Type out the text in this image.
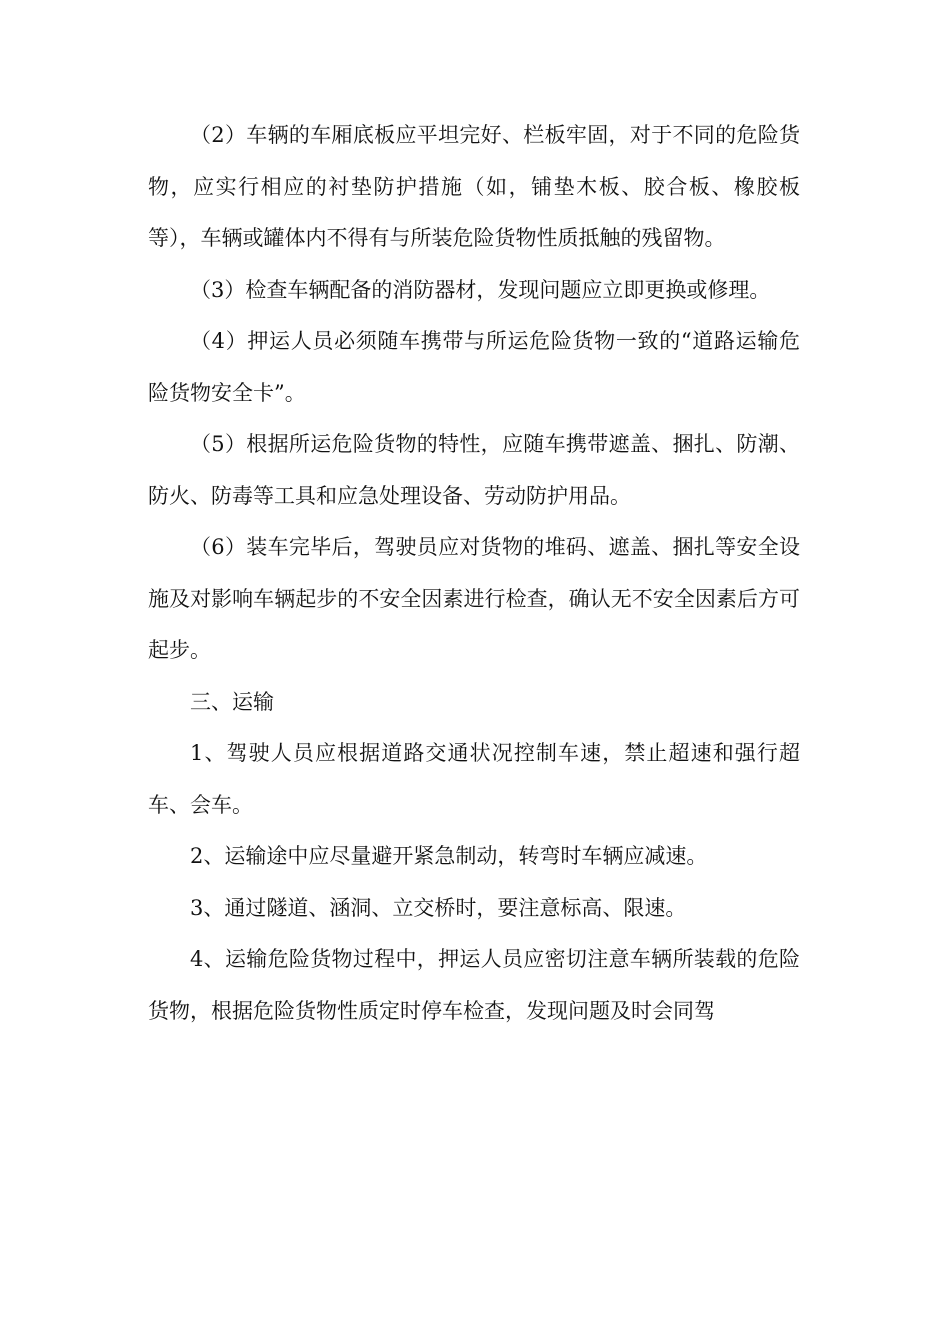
（2）车辆的车厢底板应平坦完好、栏板牢固，对于不同的危险货物，应实行相应的衬垫防护措施（如，铺垫木板、胶合板、橡胶板等），车辆或罐体内不得有与所装危险货物性质抵触的残留物。

（3）检查车辆配备的消防器材，发现问题应立即更换或修理。

（4）押运人员必须随车携带与所运危险货物一致的“道路运输危险货物安全卡”。

（5）根据所运危险货物的特性，应随车携带遮盖、捆扎、防潮、防火、防毒等工具和应急处理设备、劳动防护用品。

（6）装车完毕后，驾驶员应对货物的堆码、遮盖、捆扎等安全设施及对影响车辆起步的不安全因素进行检查，确认无不安全因素后方可起步。

三、运输

1、驾驶人员应根据道路交通状况控制车速，禁止超速和强行超车、会车。

2、运输途中应尽量避开紧急制动，转弯时车辆应减速。

3、通过隧道、涵洞、立交桥时，要注意标高、限速。

4、运输危险货物过程中，押运人员应密切注意车辆所装载的危险货物，根据危险货物性质定时停车检查，发现问题及时会同驾
